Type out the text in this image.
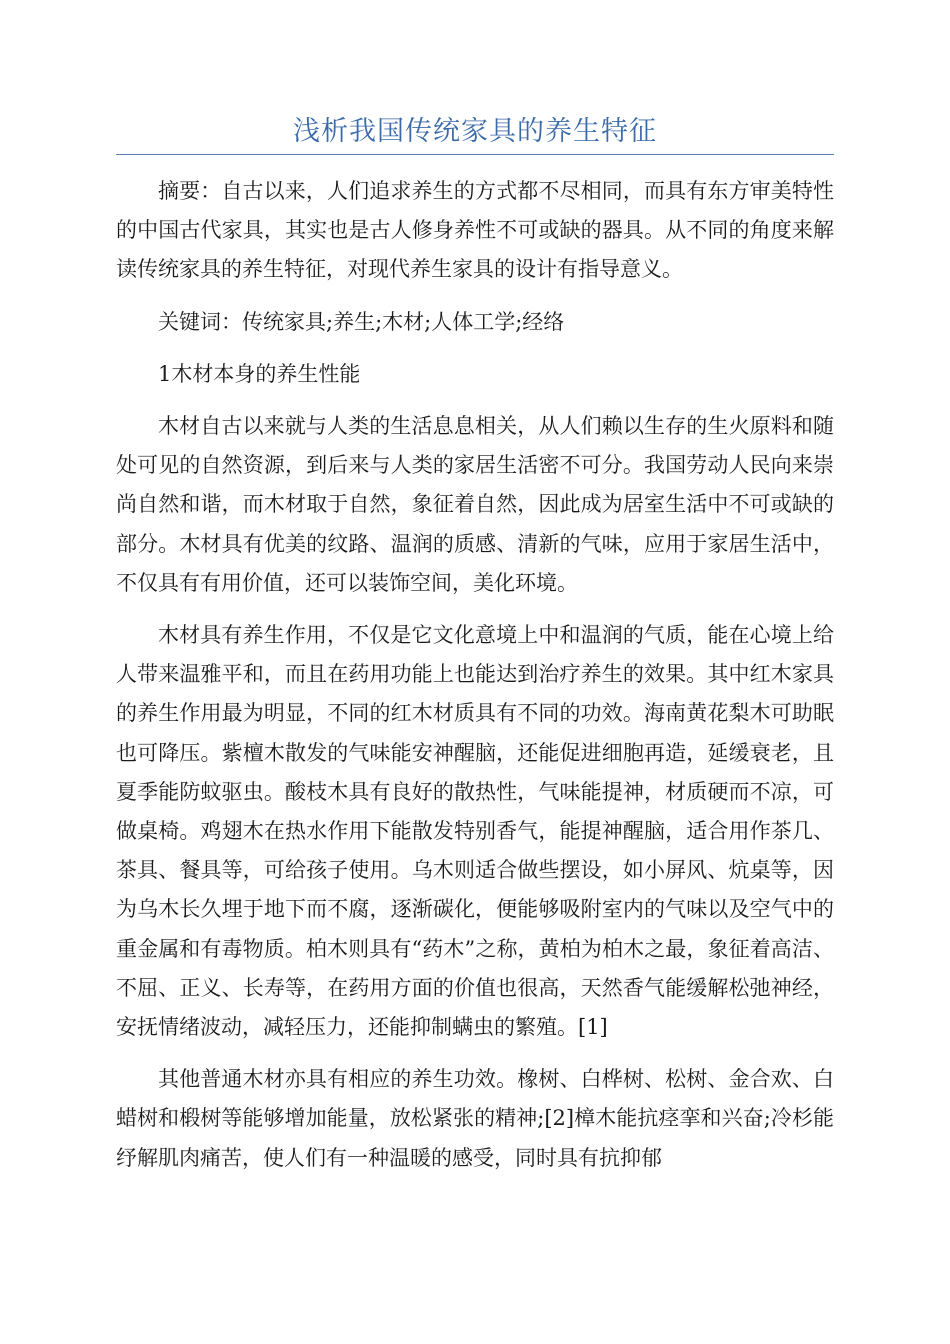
浅析我国传统家具的养生特征

摘要：自古以来，人们追求养生的方式都不尽相同，而具有东方审美特性的中国古代家具，其实也是古人修身养性不可或缺的器具。从不同的角度来解读传统家具的养生特征，对现代养生家具的设计有指导意义。

关键词：传统家具;养生;木材;人体工学;经络

1木材本身的养生性能

木材自古以来就与人类的生活息息相关，从人们赖以生存的生火原料和随处可见的自然资源，到后来与人类的家居生活密不可分。我国劳动人民向来崇尚自然和谐，而木材取于自然，象征着自然，因此成为居室生活中不可或缺的部分。木材具有优美的纹路、温润的质感、清新的气味，应用于家居生活中，不仅具有有用价值，还可以装饰空间，美化环境。

木材具有养生作用，不仅是它文化意境上中和温润的气质，能在心境上给人带来温雅平和，而且在药用功能上也能达到治疗养生的效果。其中红木家具的养生作用最为明显，不同的红木材质具有不同的功效。海南黄花梨木可助眠也可降压。紫檀木散发的气味能安神醒脑，还能促进细胞再造，延缓衰老，且夏季能防蚊驱虫。酸枝木具有良好的散热性，气味能提神，材质硬而不凉，可做桌椅。鸡翅木在热水作用下能散发特别香气，能提神醒脑，适合用作茶几、茶具、餐具等，可给孩子使用。乌木则适合做些摆设，如小屏风、炕桌等，因为乌木长久埋于地下而不腐，逐渐碳化，便能够吸附室内的气味以及空气中的重金属和有毒物质。柏木则具有“药木”之称，黄柏为柏木之最，象征着高洁、不屈、正义、长寿等，在药用方面的价值也很高，天然香气能缓解松弛神经，安抚情绪波动，减轻压力，还能抑制螨虫的繁殖。[1]

其他普通木材亦具有相应的养生功效。橡树、白桦树、松树、金合欢、白蜡树和椴树等能够增加能量，放松紧张的精神;[2]樟木能抗痉挛和兴奋;冷杉能纾解肌肉痛苦，使人们有一种温暖的感受，同时具有抗抑郁
